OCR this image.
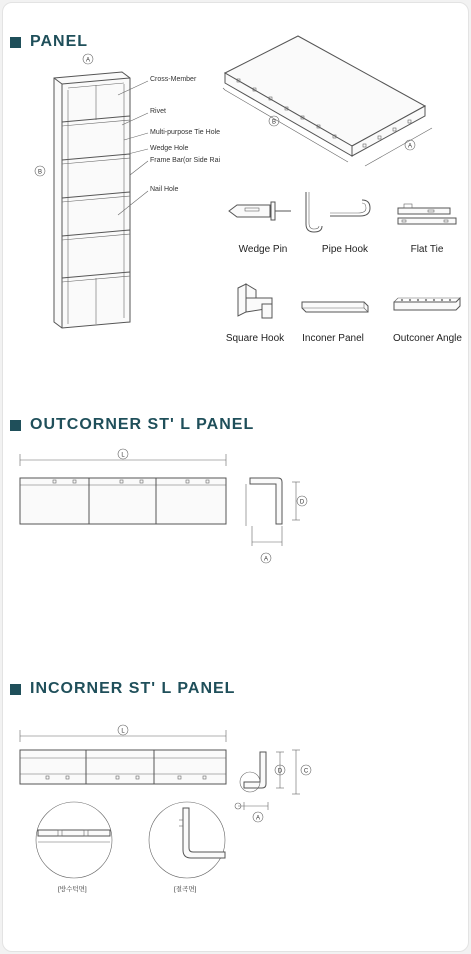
PANEL
A
B
Cross-Member
Rivet
Multi-purpose Tie Hole
Wedge Hole
Frame Bar(or Side Rai
Nail Hole
B
A
Wedge Pin	Pipe Hook	Flat Tie
Square Hook	Inconer Panel	Outconer Angle
OUTCORNER ST' L PANEL
L
A
D
INCORNER ST' L PANEL
L
D	C
A
[방수턱면]	[절곡면]
